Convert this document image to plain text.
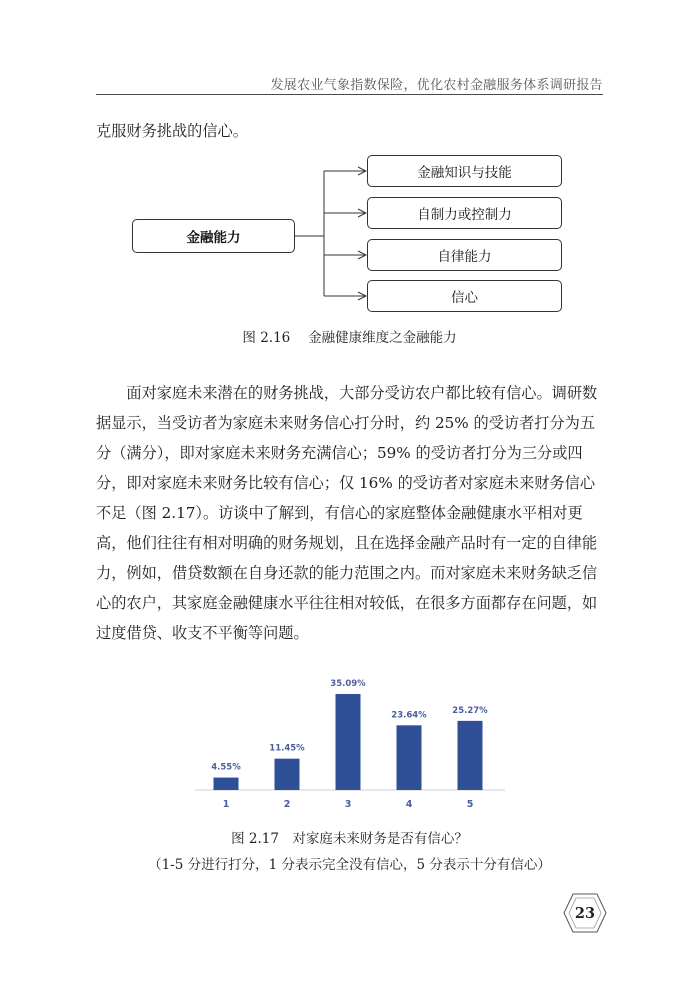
发展农业气象指数保险，优化农村金融服务体系调研报告

克服财务挑战的信心。

金融能力
金融知识与技能
自制力或控制力
自律能力
信心
图 2.16　 金融健康维度之金融能力

面对家庭未来潜在的财务挑战，大部分受访农户都比较有信心。调研数据显示，当受访者为家庭未来财务信心打分时，约 25% 的受访者打分为五分（满分），即对家庭未来财务充满信心；59% 的受访者打分为三分或四分，即对家庭未来财务比较有信心；仅 16% 的受访者对家庭未来财务信心不足（图 2.17）。访谈中了解到，有信心的家庭整体金融健康水平相对更高，他们往往有相对明确的财务规划，且在选择金融产品时有一定的自律能力，例如，借贷数额在自身还款的能力范围之内。而对家庭未来财务缺乏信心的农户，其家庭金融健康水平往往相对较低，在很多方面都存在问题，如过度借贷、收支不平衡等问题。

4.55%
1
11.45%
2
35.09%
3
23.64%
4
25.27%
5
图 2.17　对家庭未来财务是否有信心？
（1-5 分进行打分，1 分表示完全没有信心，5 分表示十分有信心）
23
